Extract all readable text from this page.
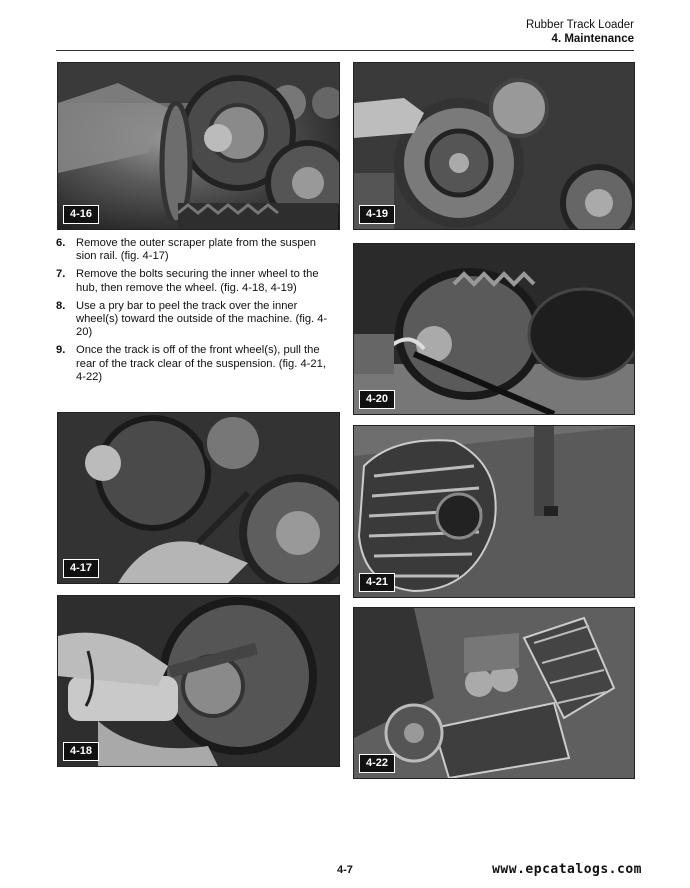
Rubber Track Loader
4. Maintenance
4-16	4-19
4-20
6. Remove the outer scraper plate from the suspen sion rail. (fig. 4-17)
7. Remove the bolts securing the inner wheel to the hub, then remove the wheel. (fig. 4-18, 4-19)
8. Use a pry bar to peel the track over the inner wheel(s) toward the outside of the machine. (fig. 4-20)
9. Once the track is off of the front wheel(s), pull the rear of the track clear of the suspension. (fig. 4-21, 4-22)
4-17
4-21
4-18
4-22
4-7	www.epcatalogs.com
